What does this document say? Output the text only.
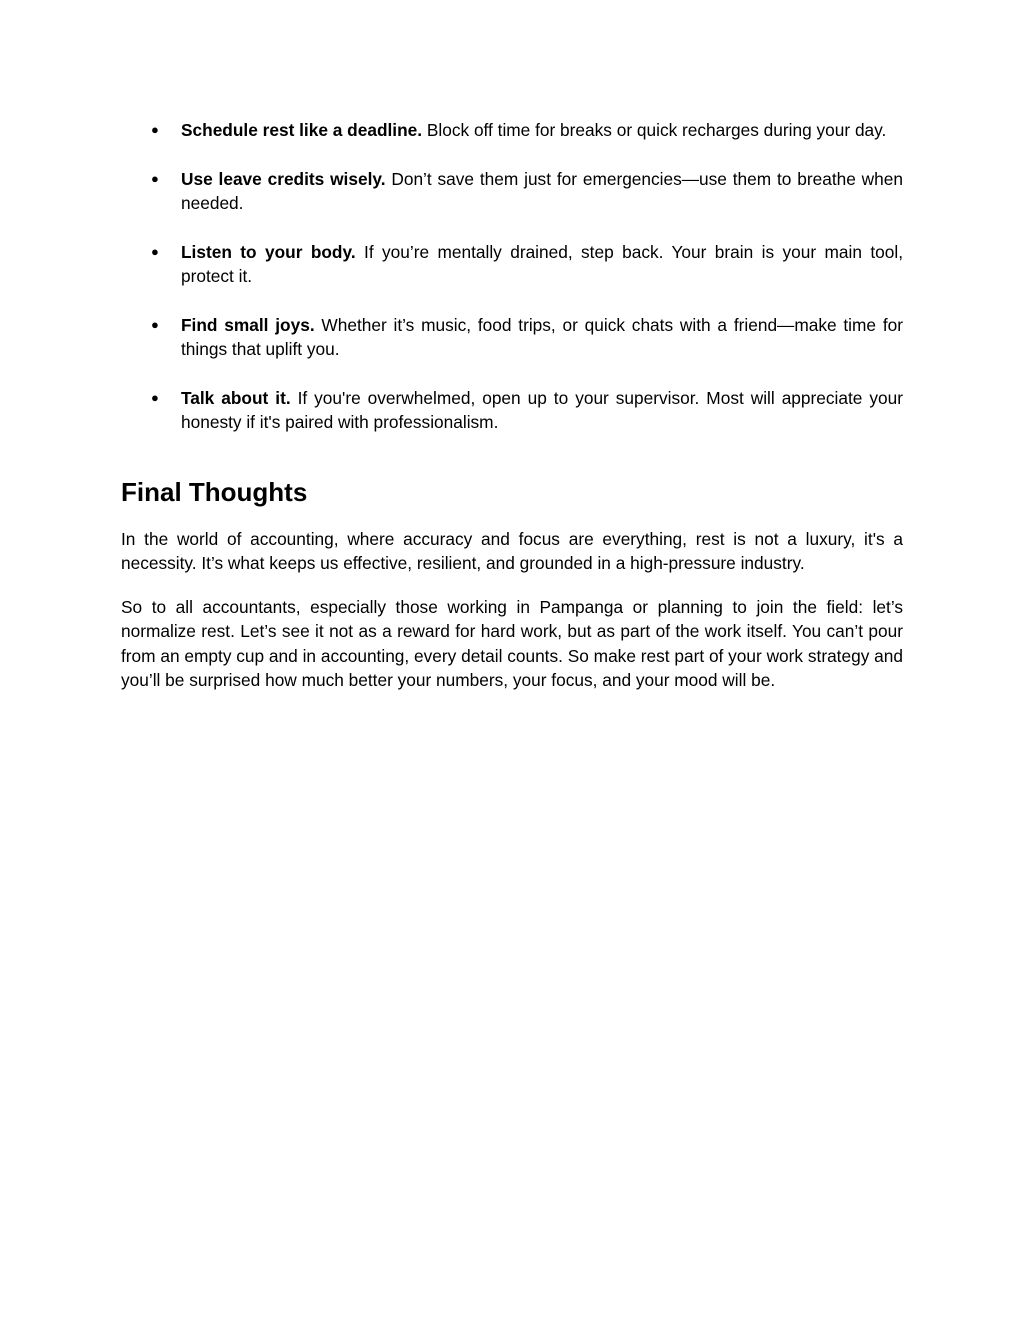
● Schedule rest like a deadline. Block off time for breaks or quick recharges during your day.
● Use leave credits wisely. Don’t save them just for emergencies—use them to breathe when needed.
● Listen to your body. If you’re mentally drained, step back. Your brain is your main tool, protect it.
● Find small joys. Whether it’s music, food trips, or quick chats with a friend—make time for things that uplift you.
● Talk about it. If you're overwhelmed, open up to your supervisor. Most will appreciate your honesty if it's paired with professionalism.
Final Thoughts

In the world of accounting, where accuracy and focus are everything, rest is not a luxury, it's a necessity. It’s what keeps us effective, resilient, and grounded in a high-pressure industry.

So to all accountants, especially those working in Pampanga or planning to join the field: let’s normalize rest. Let’s see it not as a reward for hard work, but as part of the work itself. You can’t pour from an empty cup and in accounting, every detail counts. So make rest part of your work strategy and you’ll be surprised how much better your numbers, your focus, and your mood will be.
